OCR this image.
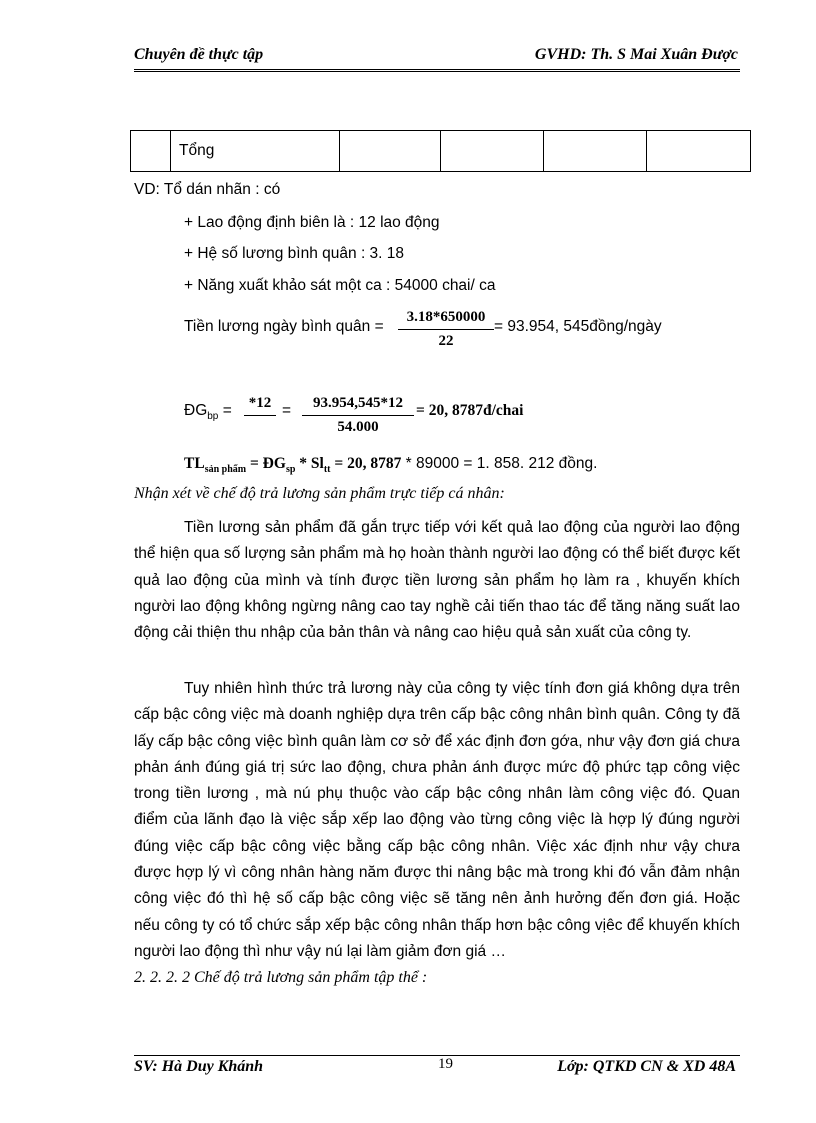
Chuyên đề thực tập	GVHD: Th. S Mai Xuân Được
	Tổng				
VD: Tổ dán nhãn : có
+ Lao động định biên là : 12 lao động
+ Hệ số lương bình quân : 3. 18
+ Năng xuất khảo sát một ca : 54000 chai/ ca
Tiền lương ngày bình quân =
3.18*650000
22
= 93.954, 545đồng/ngày
$ĐG_{bp}$ =	*12
=	93.954,545*12
54.000
= 20, 8787đ/chai
$TL_{sản phẩm}$ = $ĐG_{sp} * Sl_{tt} = 20$, 8787 * 89000 = 1. 858. 212 đồng.
Nhận xét về chế độ trả lương sản phẩm trực tiếp cá nhân:

Tiền lương sản phẩm đã gắn trực tiếp với kết quả lao động của người lao động thể hiện qua số lượng sản phẩm mà họ hoàn thành người lao động có thể biết được kết quả lao động của mình và tính được tiền lương sản phẩm họ làm ra , khuyến khích người lao động không ngừng nâng cao tay nghề cải tiến thao tác để tăng năng suất lao động cải thiện thu nhập của bản thân và nâng cao hiệu quả sản xuất của công ty.

Tuy nhiên hình thức trả lương này của công ty việc tính đơn giá không dựa trên cấp bậc công việc mà doanh nghiệp dựa trên cấp bậc công nhân bình quân. Công ty đã lấy cấp bậc công việc bình quân làm cơ sở để xác định đơn gớa, như vậy đơn giá chưa phản ánh đúng giá trị sức lao động, chưa phản ánh được mức độ phức tạp công việc trong tiền lương , mà nú phụ thuộc vào cấp bậc công nhân làm công việc đó. Quan điểm của lãnh đạo là việc sắp xếp lao động vào từng công việc là hợp lý đúng người đúng việc cấp bậc công việc bằng cấp bậc công nhân. Việc xác định như vậy chưa được hợp lý vì công nhân hàng năm được thi nâng bậc mà trong khi đó vẫn đảm nhận công việc đó thì hệ số cấp bậc công việc sẽ tăng nên ảnh hưởng đến đơn giá. Hoặc nếu công ty có tổ chức sắp xếp bậc công nhân thấp hơn bậc công vịêc để khuyến khích người lao động thì như vậy nú lại làm giảm đơn giá …

2. 2. 2. 2 Chế độ trả lương sản phẩm tập thể :
SV: Hà Duy Khánh	19	Lớp: QTKD CN & XD 48A
